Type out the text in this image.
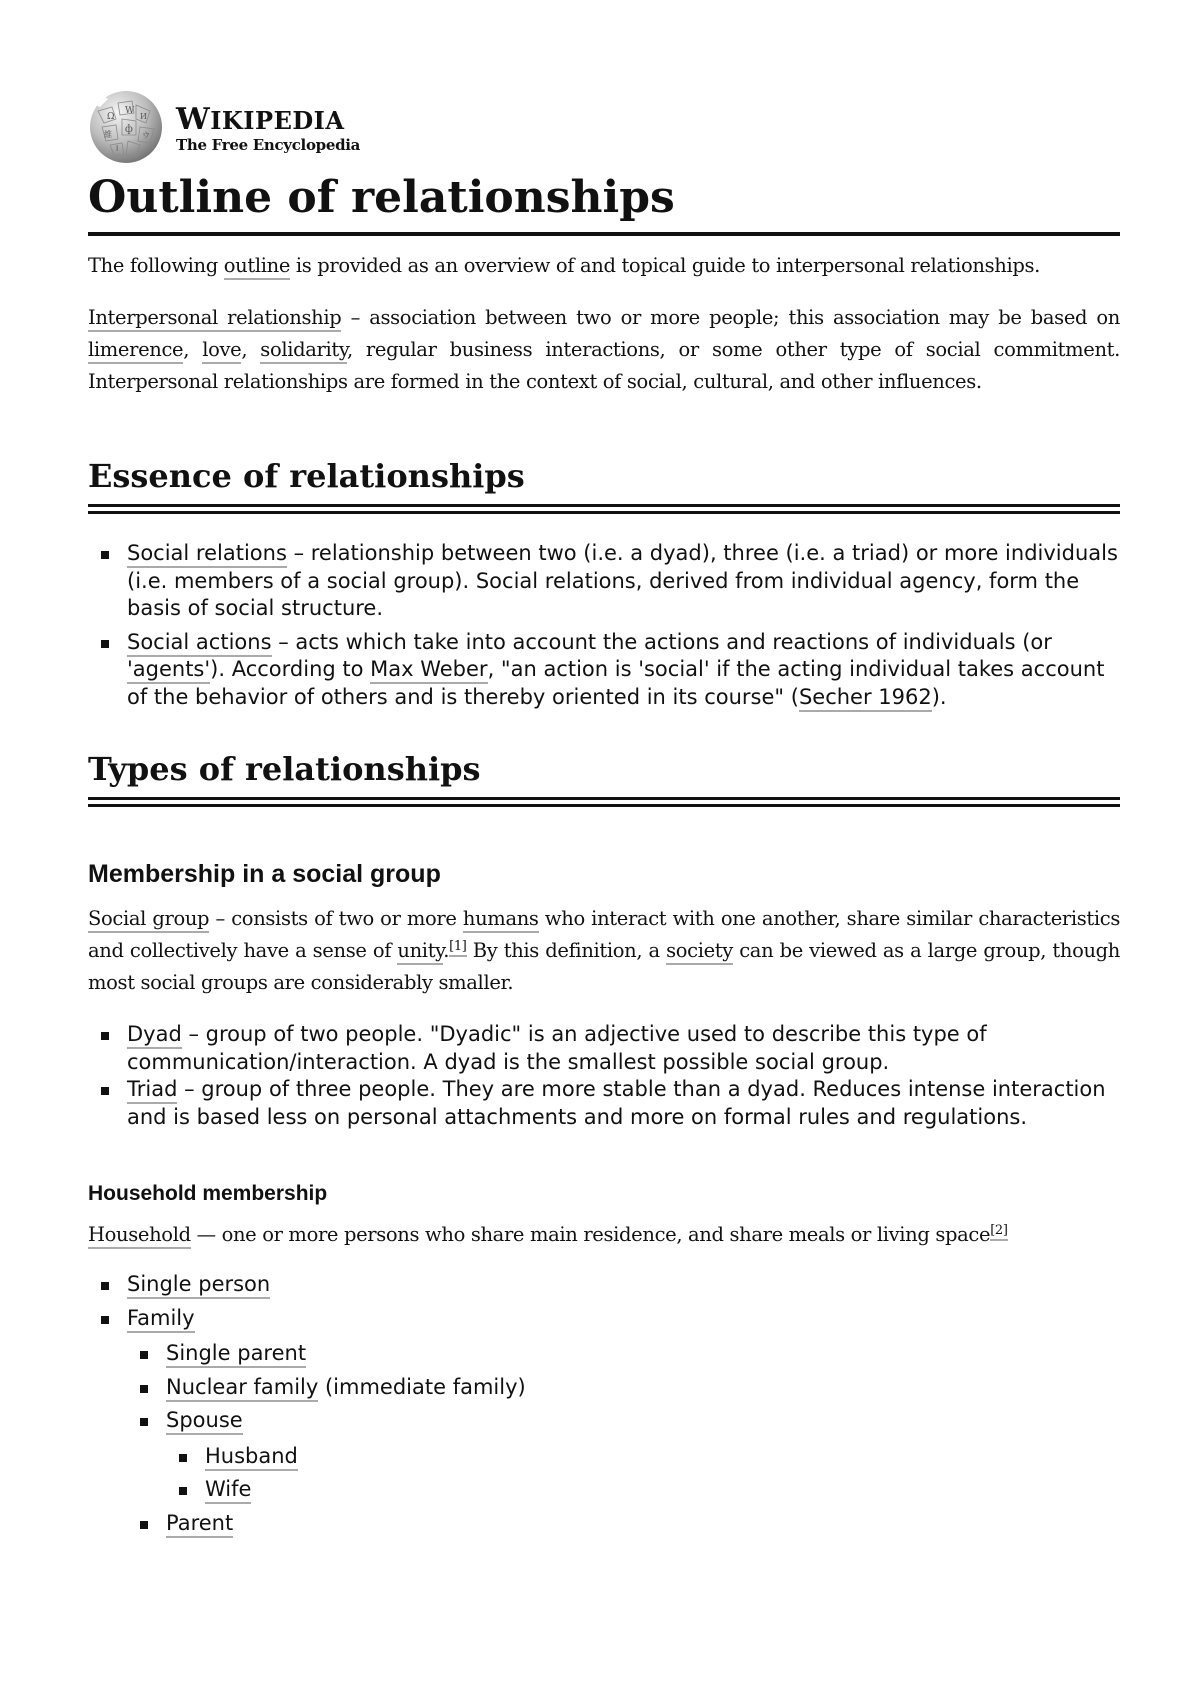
Ω
W
И
維 ф
ウ
ا
WIKIPEDIA
The Free Encyclopedia
Outline of relationships

The following outline is provided as an overview of and topical guide to interpersonal relationships.

Interpersonal relationship – association between two or more people; this association may be based on limerence, love, solidarity, regular business interactions, or some other type of social commitment. Interpersonal relationships are formed in the context of social, cultural, and other influences.

Essence of relationships
Social relations – relationship between two (i.e. a dyad), three (i.e. a triad) or more individuals (i.e. members of a social group). Social relations, derived from individual agency, form the basis of social structure.
Social actions – acts which take into account the actions and reactions of individuals (or 'agents'). According to Max Weber, "an action is 'social' if the acting individual takes account of the behavior of others and is thereby oriented in its course" (Secher 1962).
Types of relationships
Membership in a social group

Social group – consists of two or more humans who interact with one another, share similar characteristics and collectively have a sense of unity.[1] By this definition, a society can be viewed as a large group, though most social groups are considerably smaller.

Dyad – group of two people. "Dyadic" is an adjective used to describe this type of communication/interaction. A dyad is the smallest possible social group.
Triad – group of three people. They are more stable than a dyad. Reduces intense interaction and is based less on personal attachments and more on formal rules and regulations.
Household membership

Household — one or more persons who share main residence, and share meals or living space[2]

Single person
Family
Single parent
Nuclear family (immediate family)
Spouse
Husband
Wife
Parent
